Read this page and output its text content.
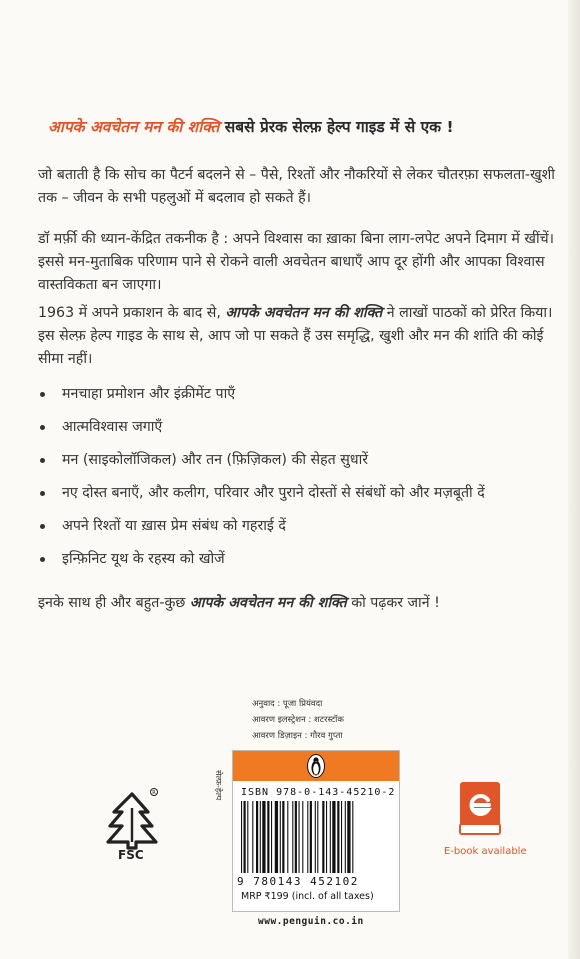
आपके अवचेतन मन की शक्ति सबसे प्रेरक सेल्फ़ हेल्प गाइड में से एक !
जो बताती है कि सोच का पैटर्न बदलने से – पैसे, रिश्तों और नौकरियों से लेकर चौतरफ़ा सफलता-खुशी तक – जीवन के सभी पहलुओं में बदलाव हो सकते हैं।
डॉ मर्फ़ी की ध्यान-केंद्रित तकनीक है : अपने विश्वास का ख़ाका बिना लाग-लपेट अपने दिमाग में खींचें। इससे मन-मुताबिक परिणाम पाने से रोकने वाली अवचेतन बाधाएँ आप दूर होंगी और आपका विश्वास वास्तविकता बन जाएगा।
1963 में अपने प्रकाशन के बाद से, आपके अवचेतन मन की शक्ति ने लाखों पाठकों को प्रेरित किया। इस सेल्फ़ हेल्प गाइड के साथ से, आप जो पा सकते हैं उस समृद्धि, खुशी और मन की शांति की कोई सीमा नहीं।
मनचाहा प्रमोशन और इंक्रीमेंट पाएँ
आत्मविश्वास जगाएँ
मन (साइकोलॉजिकल) और तन (फ़िज़िकल) की सेहत सुधारें
नए दोस्त बनाएँ, और कलीग, परिवार और पुराने दोस्तों से संबंधों को और मज़बूती दें
अपने रिश्तों या ख़ास प्रेम संबंध को गहराई दें
इन्फ़िनिट यूथ के रहस्य को खोजें
इनके साथ ही और बहुत-कुछ आपके अवचेतन मन की शक्ति को पढ़कर जानें !
अनुवाद : पूजा प्रियंवदा
आवरण इलस्ट्रेशन : शटरस्टॉक
आवरण डिज़ाइन : गौरव गुप्ता
R
FSC
सेल्फ़-हेल्प ISBN 978-0-143-45210-2
9 780143 452102
MRP ₹199 (incl. of all taxes)
www.penguin.co.in
E-book available
